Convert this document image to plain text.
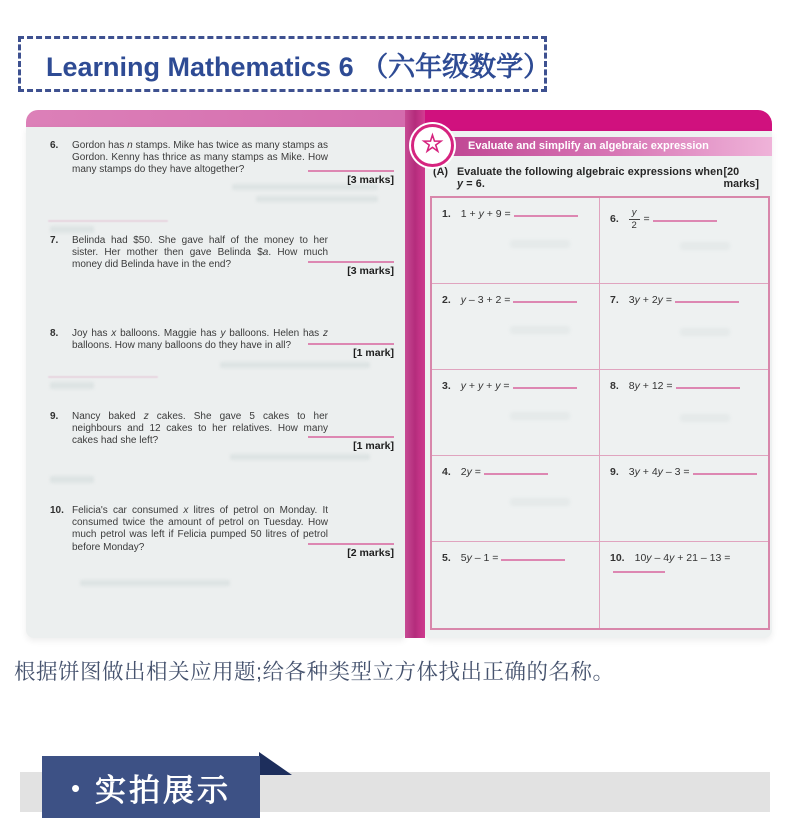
Learning Mathematics 6 （六年级数学）
6.	Gordon has n stamps. Mike has twice as many stamps as Gordon. Kenny has thrice as many stamps as Mike. How many stamps do they have altogether?
7.	Belinda had $50. She gave half of the money to her sister. Her mother then gave Belinda $a. How much money did Belinda have in the end?
8.	Joy has x balloons. Maggie has y balloons. Helen has z balloons. How many balloons do they have in all?
9.	Nancy baked z cakes. She gave 5 cakes to her neighbours and 12 cakes to her relatives. How many cakes had she left?
10. Felicia's car consumed x litres of petrol on Monday. It consumed twice the amount of petrol on Tuesday. How much petrol was left if Felicia pumped 50 litres of petrol before Monday?
[3 marks]
[3 marks]
[1 mark]
[1 mark]
[2 marks]
☆	Evaluate and simplify an algebraic expression
(A) Evaluate the following algebraic expressions when y = 6.
[20 marks]
1. 1 + y + 9 =	6. $\frac{y}{2}$ =
2. y – 3 + 2 =	7. 3y + 2y =
3. y + y + y =	8. 8y + 12 =
4. 2y =	9. 3y + 4y – 3 =
5. 5y – 1 =	10. 10y – 4y + 21 – 13 =
根据饼图做出相关应用题;给各种类型立方体找出正确的名称。
• 实拍展示
